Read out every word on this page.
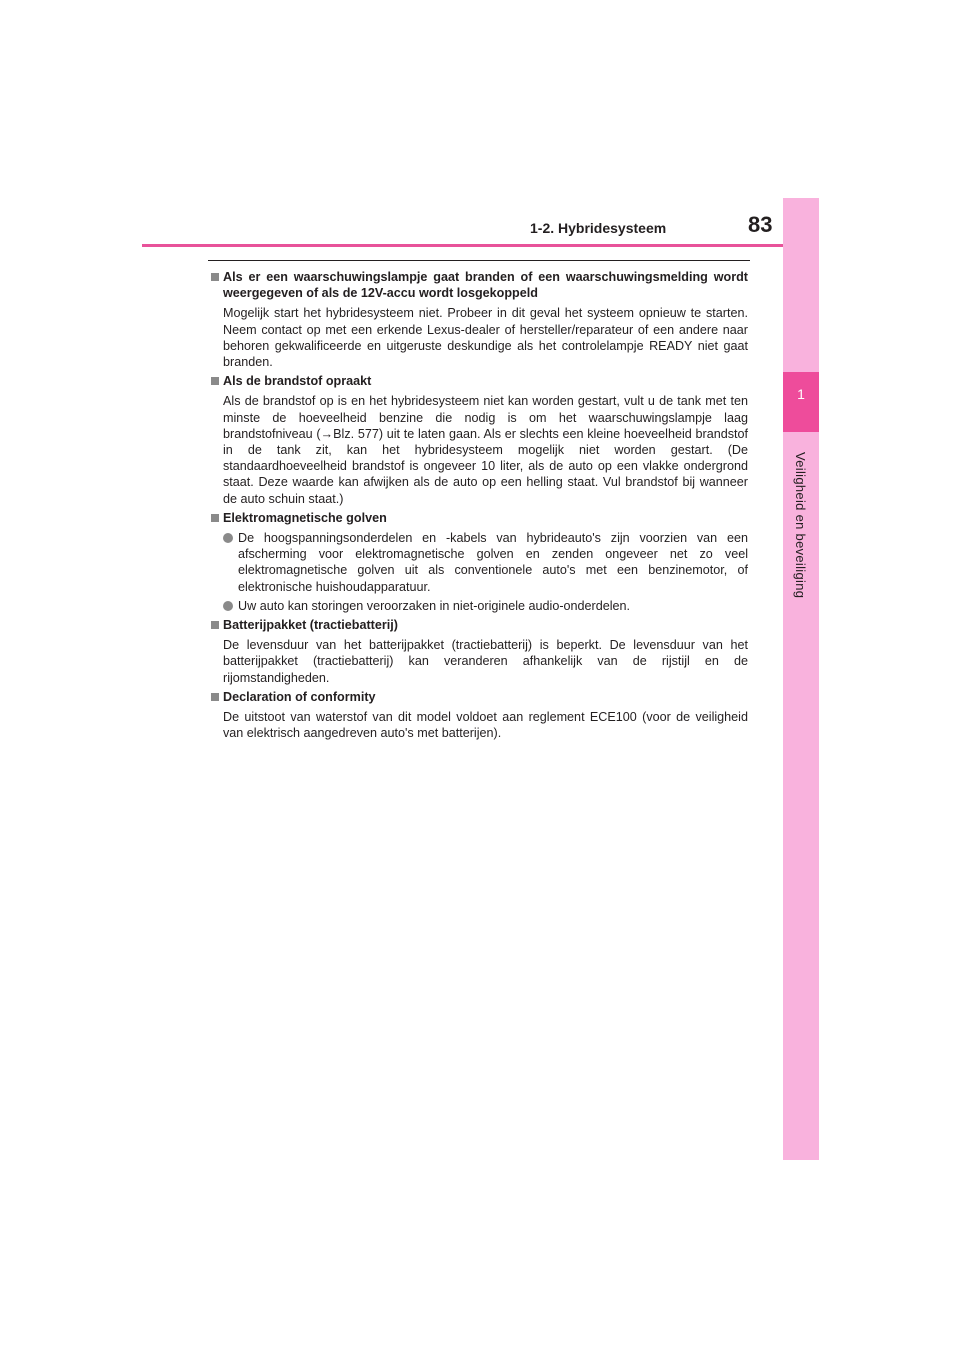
1-2. Hybridesysteem	83
1
Veiligheid en beveiliging
Als er een waarschuwingslampje gaat branden of een waarschuwingsmelding wordt weergegeven of als de 12V-accu wordt losgekoppeld
Mogelijk start het hybridesysteem niet. Probeer in dit geval het systeem opnieuw te starten. Neem contact op met een erkende Lexus-dealer of hersteller/reparateur of een andere naar behoren gekwalificeerde en uitgeruste deskundige als het controlelampje READY niet gaat branden.
Als de brandstof opraakt
Als de brandstof op is en het hybridesysteem niet kan worden gestart, vult u de tank met ten minste de hoeveelheid benzine die nodig is om het waarschuwingslampje laag brandstofniveau (→Blz. 577) uit te laten gaan. Als er slechts een kleine hoeveelheid brandstof in de tank zit, kan het hybridesysteem mogelijk niet worden gestart. (De standaardhoeveelheid brandstof is ongeveer 10 liter, als de auto op een vlakke ondergrond staat. Deze waarde kan afwijken als de auto op een helling staat. Vul brandstof bij wanneer de auto schuin staat.)
Elektromagnetische golven
De hoogspanningsonderdelen en -kabels van hybrideauto's zijn voorzien van een afscherming voor elektromagnetische golven en zenden ongeveer net zo veel elektromagnetische golven uit als conventionele auto's met een benzinemotor, of elektronische huishoudapparatuur.
Uw auto kan storingen veroorzaken in niet-originele audio-onderdelen.
Batterijpakket (tractiebatterij)
De levensduur van het batterijpakket (tractiebatterij) is beperkt. De levensduur van het batterijpakket (tractiebatterij) kan veranderen afhankelijk van de rijstijl en de rijomstandigheden.
Declaration of conformity
De uitstoot van waterstof van dit model voldoet aan reglement ECE100 (voor de veiligheid van elektrisch aangedreven auto's met batterijen).
